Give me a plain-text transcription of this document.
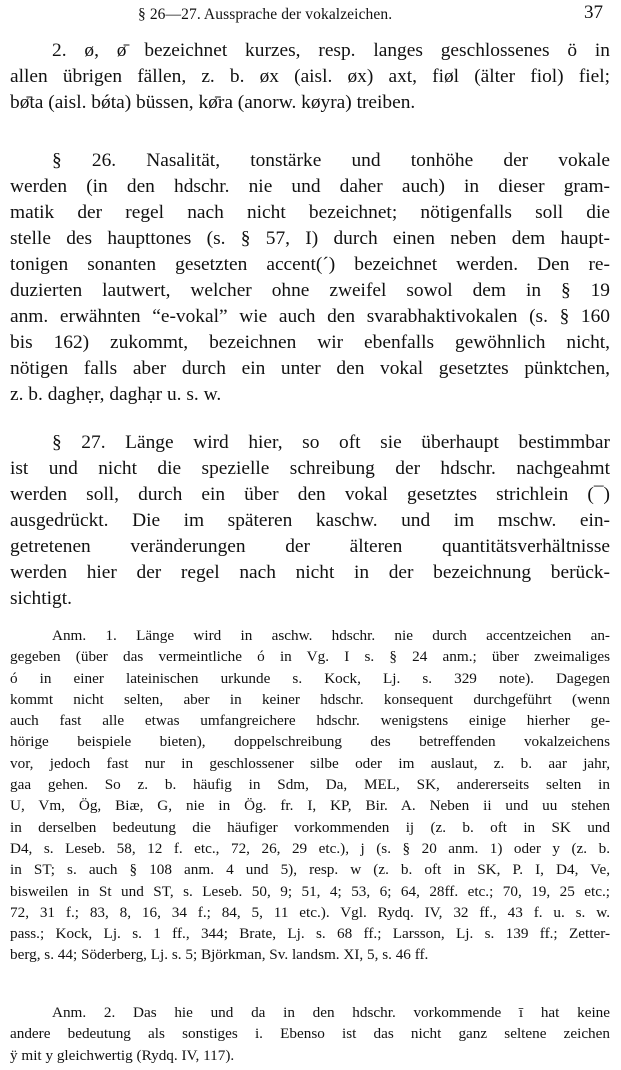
§ 26—27. Aussprache der vokalzeichen.	37
2. ø, ø̄ bezeichnet kurzes, resp. langes geschlossenes ö in
allen übrigen fällen, z. b. øx (aisl. øx) axt, fiøl (älter fiol) fiel;
bø̄ta (aisl. bǿta) büssen, kø̄ra (anorw. køyra) treiben.
§ 26. Nasalität, tonstärke und tonhöhe der vokale
werden (in den hdschr. nie und daher auch) in dieser gram-
matik der regel nach nicht bezeichnet; nötigenfalls soll die
stelle des haupttones (s. § 57, I) durch einen neben dem haupt-
tonigen sonanten gesetzten accent(´) bezeichnet werden. Den re-
duzierten lautwert, welcher ohne zweifel sowol dem in § 19
anm. erwähnten “e-vokal” wie auch den svarabhaktivokalen (s. § 160
bis 162) zukommt, bezeichnen wir ebenfalls gewöhnlich nicht,
nötigen falls aber durch ein unter den vokal gesetztes pünktchen,
z. b. daghẹr, daghạr u. s. w.
§ 27. Länge wird hier, so oft sie überhaupt bestimmbar
ist und nicht die spezielle schreibung der hdschr. nachgeahmt
werden soll, durch ein über den vokal gesetztes strichlein (¯)
ausgedrückt. Die im späteren kaschw. und im mschw. ein-
getretenen veränderungen der älteren quantitätsverhältnisse
werden hier der regel nach nicht in der bezeichnung berück-
sichtigt.
Anm. 1. Länge wird in aschw. hdschr. nie durch accentzeichen an-
gegeben (über das vermeintliche ó in Vg. I s. § 24 anm.; über zweimaliges
ó in einer lateinischen urkunde s. Kock, Lj. s. 329 note). Dagegen
kommt nicht selten, aber in keiner hdschr. konsequent durchgeführt (wenn
auch fast alle etwas umfangreichere hdschr. wenigstens einige hierher ge-
hörige beispiele bieten), doppelschreibung des betreffenden vokalzeichens
vor, jedoch fast nur in geschlossener silbe oder im auslaut, z. b. aar jahr,
gaa gehen. So z. b. häufig in Sdm, Da, MEL, SK, andererseits selten in
U, Vm, Ög, Biæ, G, nie in Ög. fr. I, KP, Bir. A. Neben ii und uu stehen
in derselben bedeutung die häufiger vorkommenden ij (z. b. oft in SK und
D4, s. Leseb. 58, 12 f. etc., 72, 26, 29 etc.), j (s. § 20 anm. 1) oder y (z. b.
in ST; s. auch § 108 anm. 4 und 5), resp. w (z. b. oft in SK, P. I, D4, Ve,
bisweilen in St und ST, s. Leseb. 50, 9; 51, 4; 53, 6; 64, 28ff. etc.; 70, 19, 25 etc.;
72, 31 f.; 83, 8, 16, 34 f.; 84, 5, 11 etc.). Vgl. Rydq. IV, 32 ff., 43 f. u. s. w.
pass.; Kock, Lj. s. 1 ff., 344; Brate, Lj. s. 68 ff.; Larsson, Lj. s. 139 ff.; Zetter-
berg, s. 44; Söderberg, Lj. s. 5; Björkman, Sv. landsm. XI, 5, s. 46 ff.
Anm. 2. Das hie und da in den hdschr. vorkommende ī hat keine
andere bedeutung als sonstiges i. Ebenso ist das nicht ganz seltene zeichen
ÿ mit y gleichwertig (Rydq. IV, 117).
